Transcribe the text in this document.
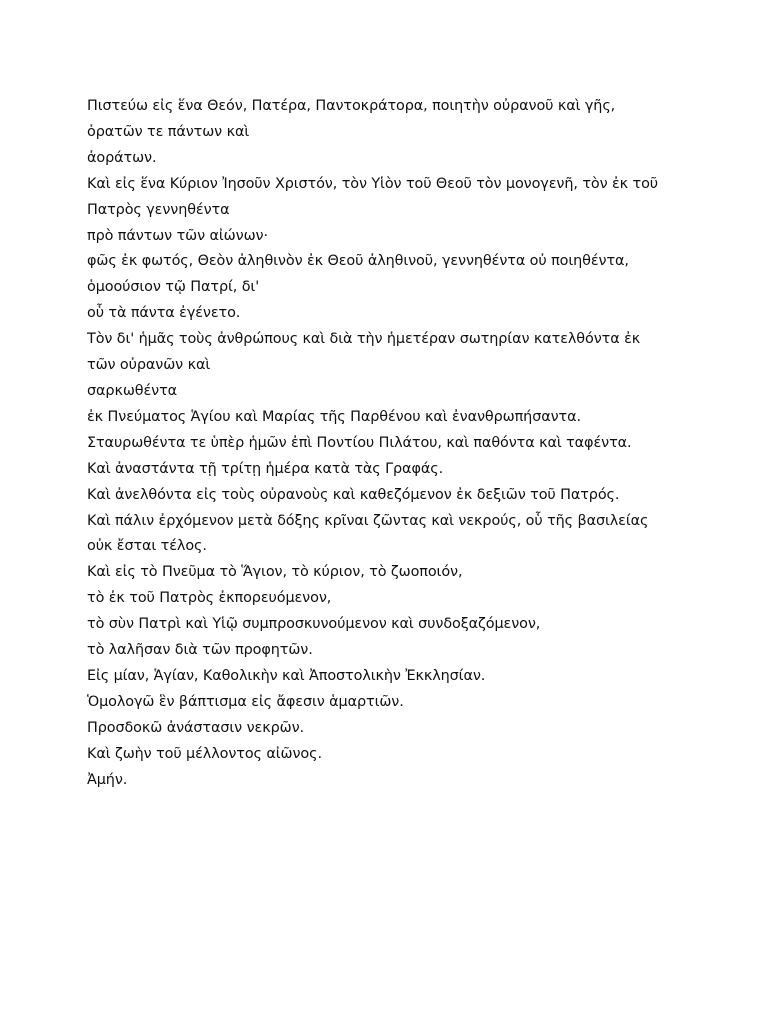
Πιστεύω εἰς ἕνα Θεόν, Πατέρα, Παντοκράτορα, ποιητὴν οὐρανοῦ καὶ γῆς,
ὁρατῶν τε πάντων καὶ
ἀοράτων.
Καὶ εἰς ἕνα Κύριον Ἰησοῦν Χριστόν, τὸν Υἱὸν τοῦ Θεοῦ τὸν μονογενῆ, τὸν ἐκ τοῦ
Πατρὸς γεννηθέντα
πρὸ πάντων τῶν αἰώνων·
φῶς ἐκ φωτός, Θεὸν ἀληθινὸν ἐκ Θεοῦ ἀληθινοῦ, γεννηθέντα οὐ ποιηθέντα,
ὁμοούσιον τῷ Πατρί, δι'
οὗ τὰ πάντα ἐγένετο.
Τὸν δι' ἡμᾶς τοὺς ἀνθρώπους καὶ διὰ τὴν ἡμετέραν σωτηρίαν κατελθόντα ἐκ
τῶν οὐρανῶν καὶ
σαρκωθέντα
ἐκ Πνεύματος Ἁγίου καὶ Μαρίας τῆς Παρθένου καὶ ἐνανθρωπήσαντα.
Σταυρωθέντα τε ὑπὲρ ἡμῶν ἐπὶ Ποντίου Πιλάτου, καὶ παθόντα καὶ ταφέντα.
Καὶ ἀναστάντα τῇ τρίτῃ ἡμέρα κατὰ τὰς Γραφάς.
Καὶ ἀνελθόντα εἰς τοὺς οὐρανοὺς καὶ καθεζόμενον ἐκ δεξιῶν τοῦ Πατρός.
Καὶ πάλιν ἐρχόμενον μετὰ δόξης κρῖναι ζῶντας καὶ νεκρούς, οὗ τῆς βασιλείας
οὐκ ἔσται τέλος.
Καὶ εἰς τὸ Πνεῦμα τὸ Ἅγιον, τὸ κύριον, τὸ ζωοποιόν,
τὸ ἐκ τοῦ Πατρὸς ἐκπορευόμενον,
τὸ σὺν Πατρὶ καὶ Υἱῷ συμπροσκυνούμενον καὶ συνδοξαζόμενον,
τὸ λαλῆσαν διὰ τῶν προφητῶν.
Εἰς μίαν, Ἁγίαν, Καθολικὴν καὶ Ἀποστολικὴν Ἐκκλησίαν.
Ὁμολογῶ ἓν βάπτισμα εἰς ἄφεσιν ἁμαρτιῶν.
Προσδοκῶ ἀνάστασιν νεκρῶν.
Καὶ ζωὴν τοῦ μέλλοντος αἰῶνος.
Ἀμήν.
